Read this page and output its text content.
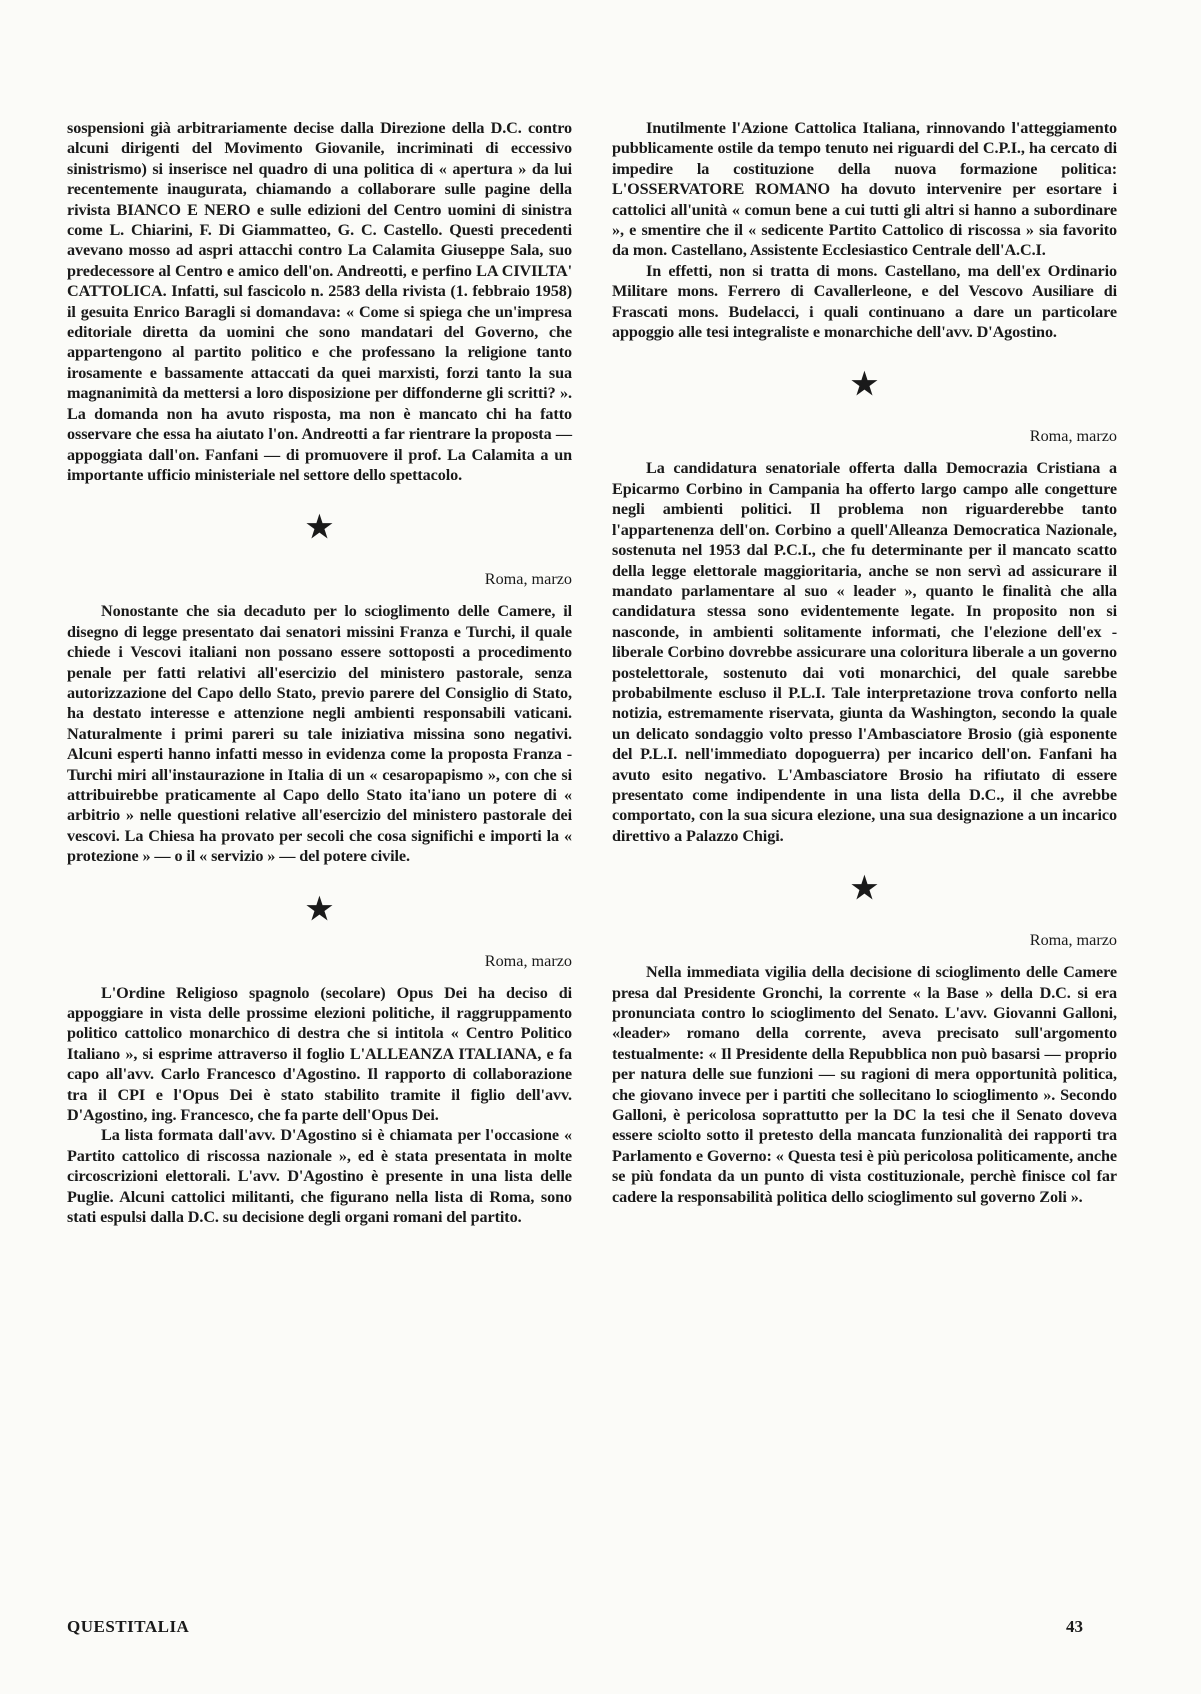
sospensioni già arbitrariamente decise dalla Direzione della D.C. contro alcuni dirigenti del Movimento Giovanile, incriminati di eccessivo sinistrismo) si inserisce nel quadro di una politica di « apertura » da lui recentemente inaugurata, chiamando a collaborare sulle pagine della rivista BIANCO E NERO e sulle edizioni del Centro uomini di sinistra come L. Chiarini, F. Di Giammatteo, G. C. Castello. Questi precedenti avevano mosso ad aspri attacchi contro La Calamita Giuseppe Sala, suo predecessore al Centro e amico dell'on. Andreotti, e perfino LA CIVILTA' CATTOLICA. Infatti, sul fascicolo n. 2583 della rivista (1. febbraio 1958) il gesuita Enrico Baragli si domandava: « Come si spiega che un'impresa editoriale diretta da uomini che sono mandatari del Governo, che appartengono al partito politico e che professano la religione tanto irosamente e bassamente attaccati da quei marxisti, forzi tanto la sua magnanimità da mettersi a loro disposizione per diffonderne gli scritti? ». La domanda non ha avuto risposta, ma non è mancato chi ha fatto osservare che essa ha aiutato l'on. Andreotti a far rientrare la proposta — appoggiata dall'on. Fanfani — di promuovere il prof. La Calamita a un importante ufficio ministeriale nel settore dello spettacolo.

★
Roma, marzo

Nonostante che sia decaduto per lo scioglimento delle Camere, il disegno di legge presentato dai senatori missini Franza e Turchi, il quale chiede i Vescovi italiani non possano essere sottoposti a procedimento penale per fatti relativi all'esercizio del ministero pastorale, senza autorizzazione del Capo dello Stato, previo parere del Consiglio di Stato, ha destato interesse e attenzione negli ambienti responsabili vaticani. Naturalmente i primi pareri su tale iniziativa missina sono negativi. Alcuni esperti hanno infatti messo in evidenza come la proposta Franza - Turchi miri all'instaurazione in Italia di un « cesaropapismo », con che si attribuirebbe praticamente al Capo dello Stato ita'iano un potere di « arbitrio » nelle questioni relative all'esercizio del ministero pastorale dei vescovi. La Chiesa ha provato per secoli che cosa significhi e importi la « protezione » — o il « servizio » — del potere civile.

★
Roma, marzo

L'Ordine Religioso spagnolo (secolare) Opus Dei ha deciso di appoggiare in vista delle prossime elezioni politiche, il raggruppamento politico cattolico monarchico di destra che si intitola « Centro Politico Italiano », si esprime attraverso il foglio L'ALLEANZA ITALIANA, e fa capo all'avv. Carlo Francesco d'Agostino. Il rapporto di collaborazione tra il CPI e l'Opus Dei è stato stabilito tramite il figlio dell'avv. D'Agostino, ing. Francesco, che fa parte dell'Opus Dei.

La lista formata dall'avv. D'Agostino si è chiamata per l'occasione « Partito cattolico di riscossa nazionale », ed è stata presentata in molte circoscrizioni elettorali. L'avv. D'Agostino è presente in una lista delle Puglie. Alcuni cattolici militanti, che figurano nella lista di Roma, sono stati espulsi dalla D.C. su decisione degli organi romani del partito.

Inutilmente l'Azione Cattolica Italiana, rinnovando l'atteggiamento pubblicamente ostile da tempo tenuto nei riguardi del C.P.I., ha cercato di impedire la costituzione della nuova formazione politica: L'OSSERVATORE ROMANO ha dovuto intervenire per esortare i cattolici all'unità « comun bene a cui tutti gli altri si hanno a subordinare », e smentire che il « sedicente Partito Cattolico di riscossa » sia favorito da mon. Castellano, Assistente Ecclesiastico Centrale dell'A.C.I.

In effetti, non si tratta di mons. Castellano, ma dell'ex Ordinario Militare mons. Ferrero di Cavallerleone, e del Vescovo Ausiliare di Frascati mons. Budelacci, i quali continuano a dare un particolare appoggio alle tesi integraliste e monarchiche dell'avv. D'Agostino.

★
Roma, marzo

La candidatura senatoriale offerta dalla Democrazia Cristiana a Epicarmo Corbino in Campania ha offerto largo campo alle congetture negli ambienti politici. Il problema non riguarderebbe tanto l'appartenenza dell'on. Corbino a quell'Alleanza Democratica Nazionale, sostenuta nel 1953 dal P.C.I., che fu determinante per il mancato scatto della legge elettorale maggioritaria, anche se non servì ad assicurare il mandato parlamentare al suo « leader », quanto le finalità che alla candidatura stessa sono evidentemente legate. In proposito non si nasconde, in ambienti solitamente informati, che l'elezione dell'ex - liberale Corbino dovrebbe assicurare una coloritura liberale a un governo postelettorale, sostenuto dai voti monarchici, del quale sarebbe probabilmente escluso il P.L.I. Tale interpretazione trova conforto nella notizia, estremamente riservata, giunta da Washington, secondo la quale un delicato sondaggio volto presso l'Ambasciatore Brosio (già esponente del P.L.I. nell'immediato dopoguerra) per incarico dell'on. Fanfani ha avuto esito negativo. L'Ambasciatore Brosio ha rifiutato di essere presentato come indipendente in una lista della D.C., il che avrebbe comportato, con la sua sicura elezione, una sua designazione a un incarico direttivo a Palazzo Chigi.

★
Roma, marzo

Nella immediata vigilia della decisione di scioglimento delle Camere presa dal Presidente Gronchi, la corrente « la Base » della D.C. si era pronunciata contro lo scioglimento del Senato. L'avv. Giovanni Galloni, «leader» romano della corrente, aveva precisato sull'argomento testualmente: « Il Presidente della Repubblica non può basarsi — proprio per natura delle sue funzioni — su ragioni di mera opportunità politica, che giovano invece per i partiti che sollecitano lo scioglimento ». Secondo Galloni, è pericolosa soprattutto per la DC la tesi che il Senato doveva essere sciolto sotto il pretesto della mancata funzionalità dei rapporti tra Parlamento e Governo: « Questa tesi è più pericolosa politicamente, anche se più fondata da un punto di vista costituzionale, perchè finisce col far cadere la responsabilità politica dello scioglimento sul governo Zoli ».

QUESTITALIA	43
